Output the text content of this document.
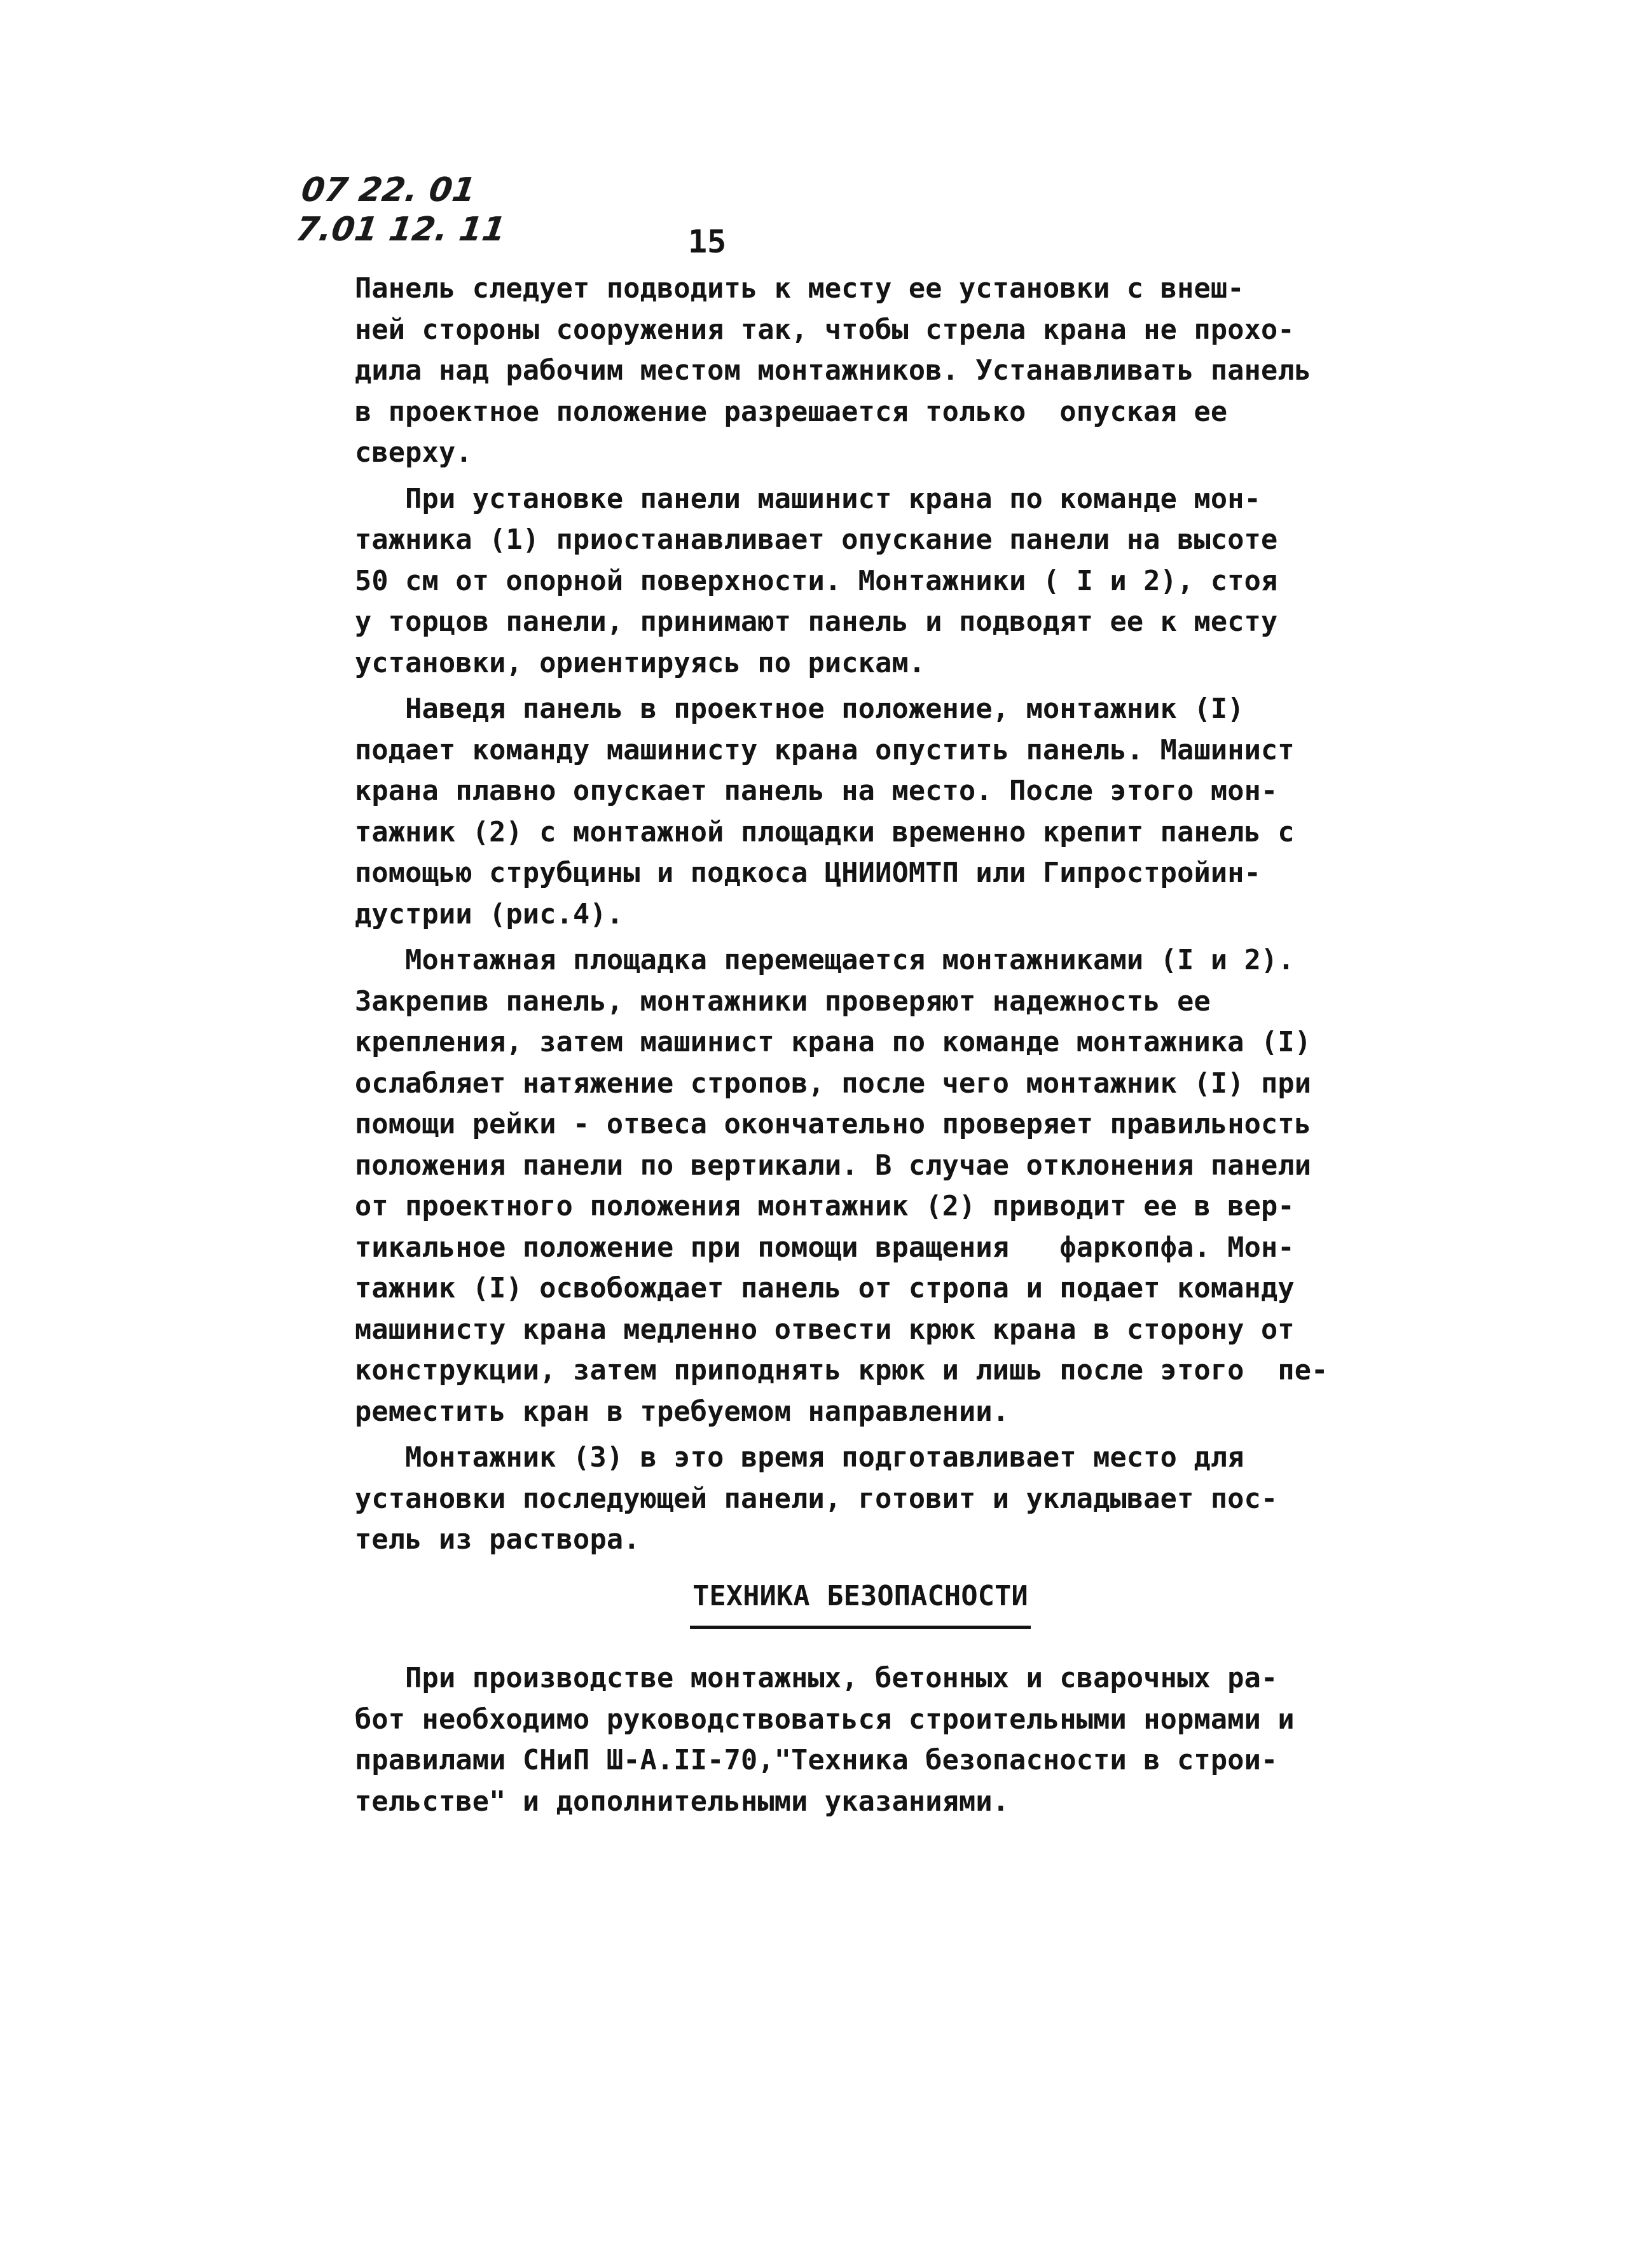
07 22. 01
7.01 12. 11	15
Панель следует подводить к месту ее установки с внеш-
ней стороны сооружения так, чтобы стрела крана не прохо-
дила над рабочим местом монтажников. Устанавливать панель
в проектное положение разрешается только  опуская ее
сверху.
При установке панели машинист крана по команде мон-
тажника (1) приостанавливает опускание панели на высоте
50 см от опорной поверхности. Монтажники ( I и 2), стоя
у торцов панели, принимают панель и подводят ее к месту
установки, ориентируясь по рискам.
Наведя панель в проектное положение, монтажник (I)
подает команду машинисту крана опустить панель. Машинист
крана плавно опускает панель на место. После этого мон-
тажник (2) с монтажной площадки временно крепит панель с
помощью струбцины и подкоса ЦНИИОМТП или Гипростройин-
дустрии (рис.4).
Монтажная площадка перемещается монтажниками (I и 2).
Закрепив панель, монтажники проверяют надежность ее
крепления, затем машинист крана по команде монтажника (I)
ослабляет натяжение стропов, после чего монтажник (I) при
помощи рейки - отвеса окончательно проверяет правильность
положения панели по вертикали. В случае отклонения панели
от проектного положения монтажник (2) приводит ее в вер-
тикальное положение при помощи вращения   фаркопфа. Мон-
тажник (I) освобождает панель от стропа и подает команду
машинисту крана медленно отвести крюк крана в сторону от
конструкции, затем приподнять крюк и лишь после этого  пе-
реместить кран в требуемом направлении.
Монтажник (3) в это время подготавливает место для
установки последующей панели, готовит и укладывает пос-
тель из раствора.
ТЕХНИКА БЕЗОПАСНОСТИ
При производстве монтажных, бетонных и сварочных ра-
бот необходимо руководствоваться строительными нормами и
правилами СНиП Ш-А.II-70,"Техника безопасности в строи-
тельстве" и дополнительными указаниями.
